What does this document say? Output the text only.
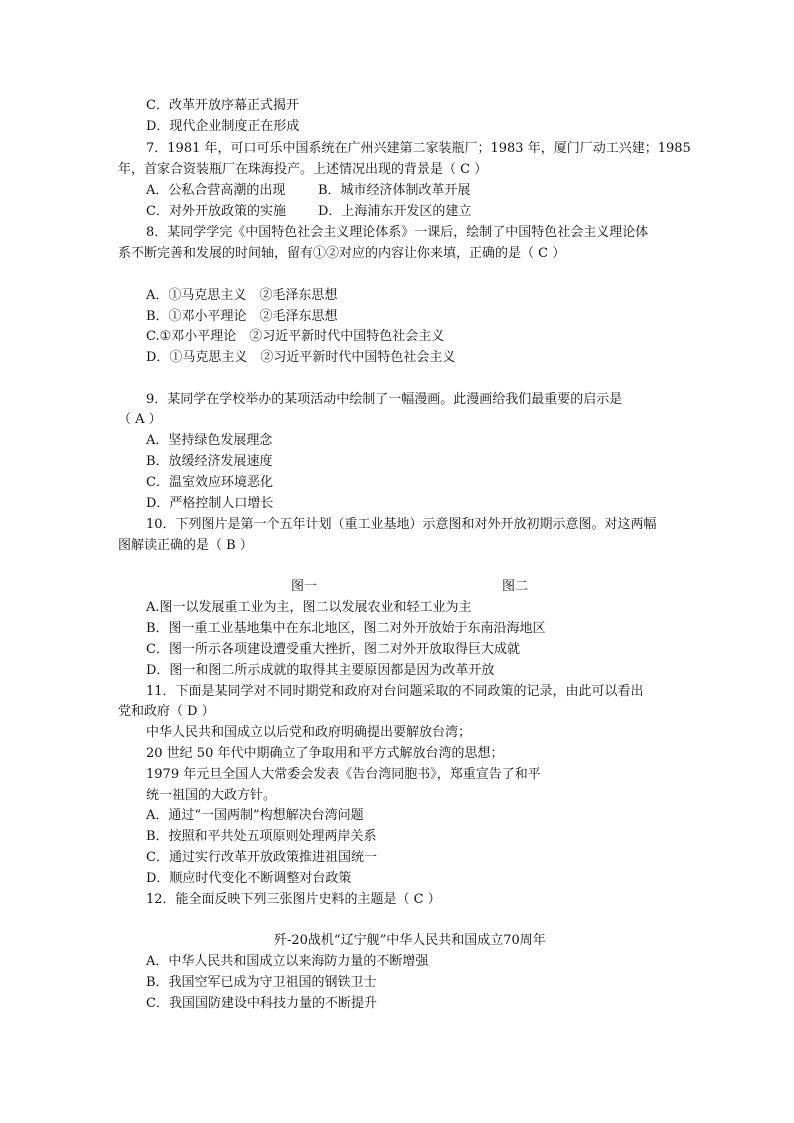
C．改革开放序幕正式揭开
D．现代企业制度正在形成
7．1981 年，可口可乐中国系统在广州兴建第二家装瓶厂；1983 年，厦门厂动工兴建；1985
年，首家合资装瓶厂在珠海投产。上述情况出现的背景是（ C ）
A．公私合营高潮的出现	B．城市经济体制改革开展
C．对外开放政策的实施 D．上海浦东开发区的建立
8．某同学学完《中国特色社会主义理论体系》一课后，绘制了中国特色社会主义理论体
系不断完善和发展的时间轴，留有①②对应的内容让你来填，正确的是（ C ）
A．①马克思主义　②毛泽东思想
B．①邓小平理论　②毛泽东思想
C.①邓小平理论　②习近平新时代中国特色社会主义
D．①马克思主义　②习近平新时代中国特色社会主义
9．某同学在学校举办的某项活动中绘制了一幅漫画。此漫画给我们最重要的启示是
（ A ）
A．坚持绿色发展理念
B．放缓经济发展速度
C．温室效应环境恶化
D．严格控制人口增长
10．下列图片是第一个五年计划（重工业基地）示意图和对外开放初期示意图。对这两幅
图解读正确的是（ B ）
图一	图二
A.图一以发展重工业为主，图二以发展农业和轻工业为主
B．图一重工业基地集中在东北地区，图二对外开放始于东南沿海地区
C．图一所示各项建设遭受重大挫折，图二对外开放取得巨大成就
D．图一和图二所示成就的取得其主要原因都是因为改革开放
11．下面是某同学对不同时期党和政府对台问题采取的不同政策的记录，由此可以看出
党和政府（ D ）
中华人民共和国成立以后党和政府明确提出要解放台湾；
20 世纪 50 年代中期确立了争取用和平方式解放台湾的思想；
1979 年元旦全国人大常委会发表《告台湾同胞书》，郑重宣告了和平
统一祖国的大政方针。
A．通过“一国两制”构想解决台湾问题
B．按照和平共处五项原则处理两岸关系
C．通过实行改革开放政策推进祖国统一
D．顺应时代变化不断调整对台政策
12．能全面反映下列三张图片史料的主题是（ C ）
歼-20战机“辽宁舰”中华人民共和国成立70周年
A．中华人民共和国成立以来海防力量的不断增强
B．我国空军已成为守卫祖国的钢铁卫士
C．我国国防建设中科技力量的不断提升
